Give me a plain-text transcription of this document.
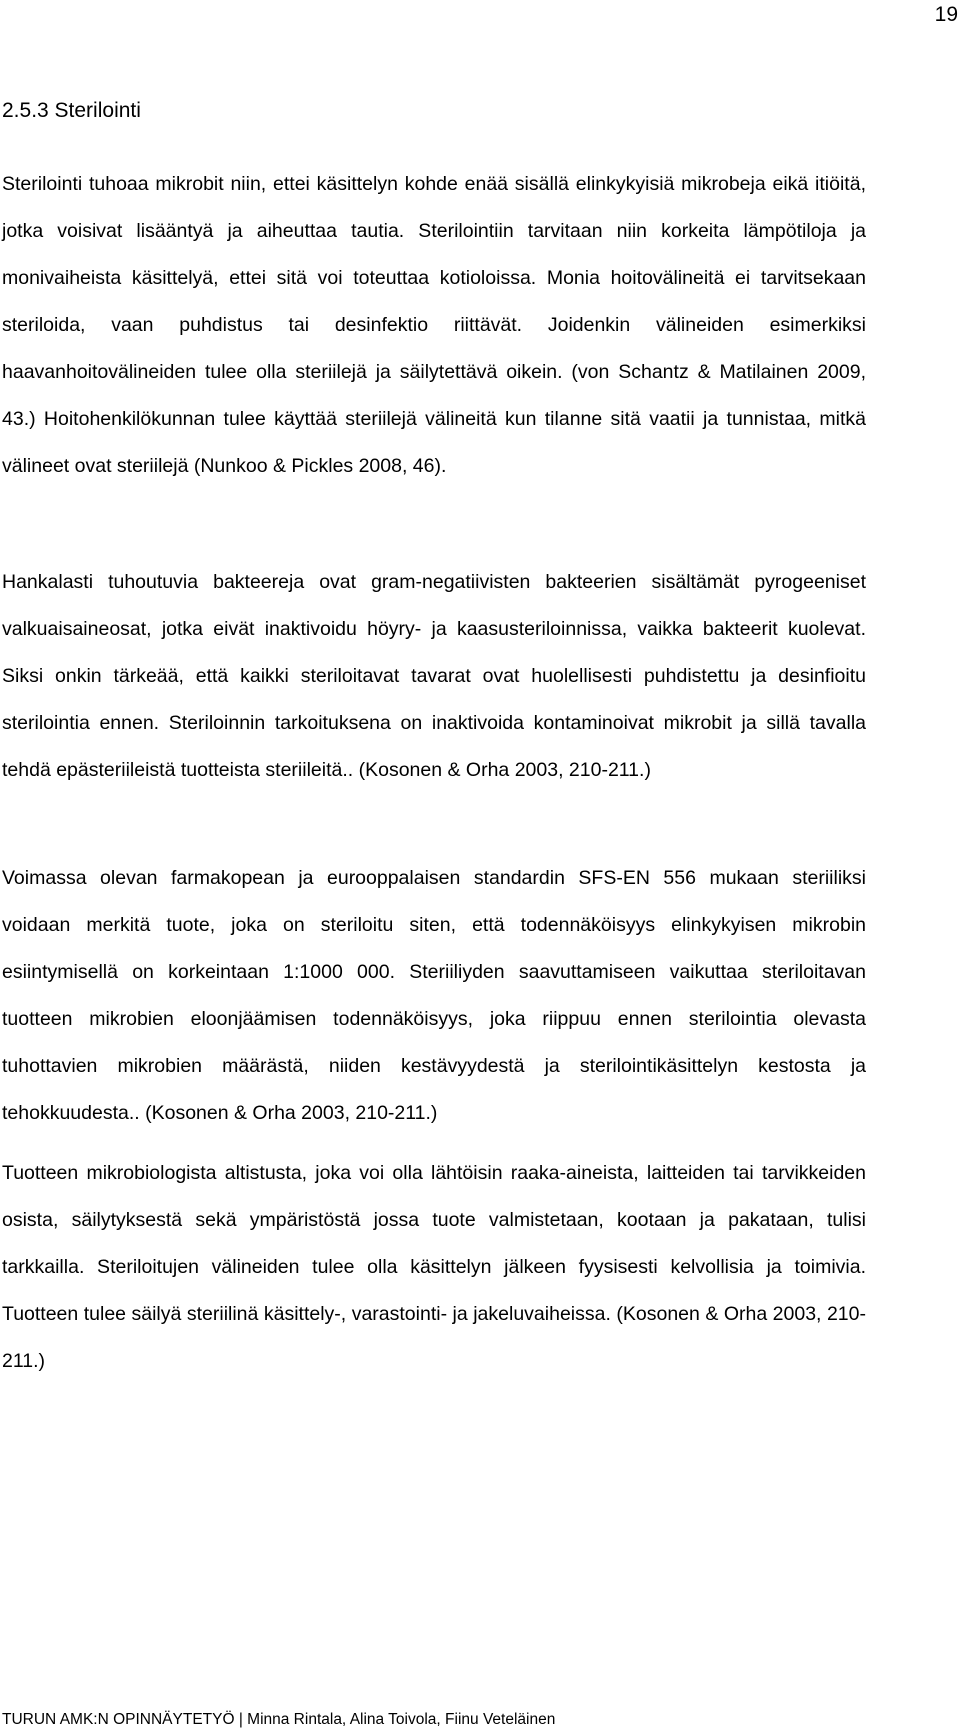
19
2.5.3 Sterilointi

Sterilointi tuhoaa mikrobit niin, ettei käsittelyn kohde enää sisällä elinkykyisiä mikrobeja eikä itiöitä, jotka voisivat lisääntyä ja aiheuttaa tautia. Sterilointiin tarvitaan niin korkeita lämpötiloja ja monivaiheista käsittelyä, ettei sitä voi toteuttaa kotioloissa. Monia hoitovälineitä ei tarvitsekaan steriloida, vaan puhdistus tai desinfektio riittävät. Joidenkin välineiden esimerkiksi haavanhoitovälineiden tulee olla steriilejä ja säilytettävä oikein. (von Schantz & Matilainen 2009, 43.) Hoitohenkilökunnan tulee käyttää steriilejä välineitä kun tilanne sitä vaatii ja tunnistaa, mitkä välineet ovat steriilejä (Nunkoo & Pickles 2008, 46).

Hankalasti tuhoutuvia bakteereja ovat gram-negatiivisten bakteerien sisältämät pyrogeeniset valkuaisaineosat, jotka eivät inaktivoidu höyry- ja kaasusteriloinnissa, vaikka bakteerit kuolevat. Siksi onkin tärkeää, että kaikki steriloitavat tavarat ovat huolellisesti puhdistettu ja desinfioitu sterilointia ennen. Steriloinnin tarkoituksena on inaktivoida kontaminoivat mikrobit ja sillä tavalla tehdä epästeriileistä tuotteista steriileitä.. (Kosonen & Orha 2003, 210-211.)

Voimassa olevan farmakopean ja eurooppalaisen standardin SFS-EN 556 mukaan steriiliksi voidaan merkitä tuote, joka on steriloitu siten, että todennäköisyys elinkykyisen mikrobin esiintymisellä on korkeintaan 1:1000 000. Steriiliyden saavuttamiseen vaikuttaa steriloitavan tuotteen mikrobien eloonjäämisen todennäköisyys, joka riippuu ennen sterilointia olevasta tuhottavien mikrobien määrästä, niiden kestävyydestä ja sterilointikäsittelyn kestosta ja tehokkuudesta.. (Kosonen & Orha 2003, 210-211.)

Tuotteen mikrobiologista altistusta, joka voi olla lähtöisin raaka-aineista, laitteiden tai tarvikkeiden osista, säilytyksestä sekä ympäristöstä jossa tuote valmistetaan, kootaan ja pakataan, tulisi tarkkailla. Steriloitujen välineiden tulee olla käsittelyn jälkeen fyysisesti kelvollisia ja toimivia. Tuotteen tulee säilyä steriilinä käsittely-, varastointi- ja jakeluvaiheissa. (Kosonen & Orha 2003, 210-211.)

TURUN AMK:N OPINNÄYTETYÖ | Minna Rintala, Alina Toivola, Fiinu Veteläinen
